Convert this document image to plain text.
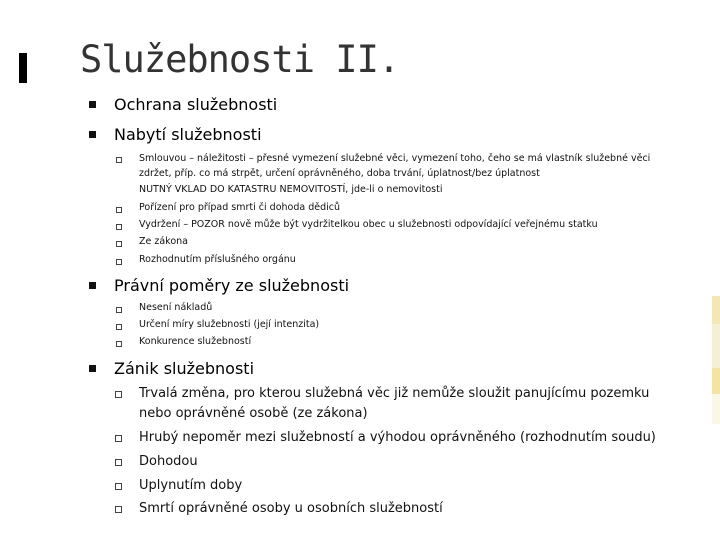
Služebnosti II.
Ochrana služebnosti
Nabytí služebnosti
Smlouvou – náležitosti – přesné vymezení služebné věci, vymezení toho, čeho se má vlastník služebné věci
zdržet, příp. co má strpět, určení oprávněného, doba trvání, úplatnost/bez úplatnost
NUTNÝ VKLAD DO KATASTRU NEMOVITOSTÍ, jde-li o nemovitosti
Pořízení pro případ smrti či dohoda dědiců
Vydržení – POZOR nově může být vydržitelkou obec u služebnosti odpovídající veřejnému statku
Ze zákona
Rozhodnutím příslušného orgánu
Právní poměry ze služebnosti
Nesení nákladů
Určení míry služebnosti (její intenzita)
Konkurence služebností
Zánik služebnosti
Trvalá změna, pro kterou služebná věc již nemůže sloužit panujícímu pozemku
nebo oprávněné osobě (ze zákona)
Hrubý nepoměr mezi služebností a výhodou oprávněného (rozhodnutím soudu)
Dohodou
Uplynutím doby
Smrtí oprávněné osoby u osobních služebností
